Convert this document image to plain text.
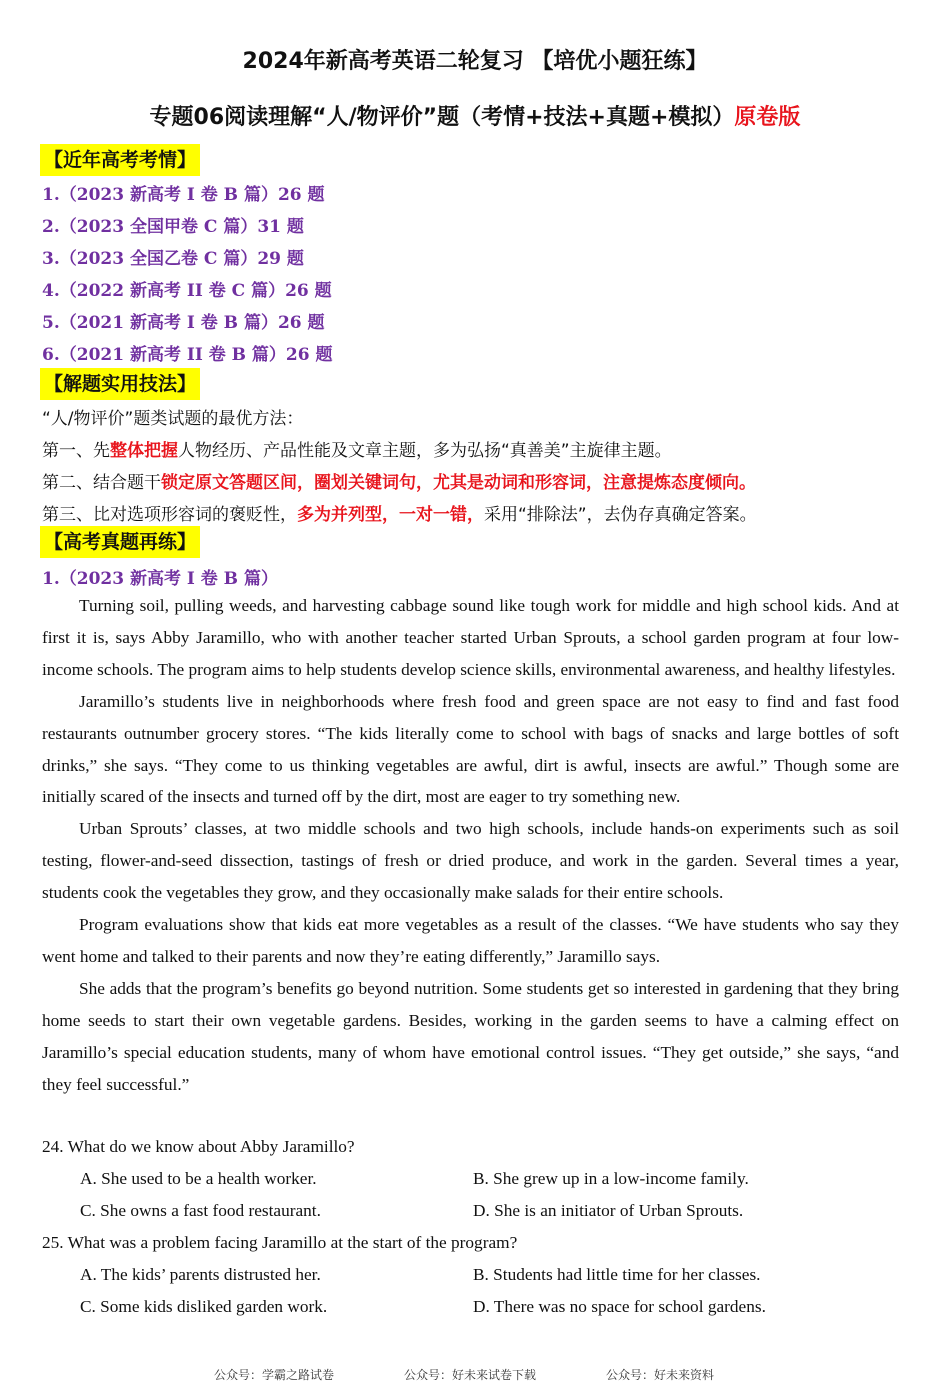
2024年新高考英语二轮复习 【培优小题狂练】
专题06阅读理解“人/物评价”题（考情+技法+真题+模拟）原卷版
【近年高考考情】
1.（2023 新高考 I 卷 B 篇）26 题
2.（2023 全国甲卷 C 篇）31 题
3.（2023 全国乙卷 C 篇）29 题
4.（2022 新高考 II 卷 C 篇）26 题
5.（2021 新高考 I 卷 B 篇）26 题
6.（2021 新高考 II 卷 B 篇）26 题
【解题实用技法】
“人/物评价”题类试题的最优方法：
第一、先整体把握人物经历、产品性能及文章主题，多为弘扬“真善美”主旋律主题。
第二、结合题干锁定原文答题区间，圈划关键词句，尤其是动词和形容词，注意提炼态度倾向。
第三、比对选项形容词的褒贬性，多为并列型，一对一错，采用“排除法”，去伪存真确定答案。
【高考真题再练】
1.（2023 新高考 I 卷 B 篇）

Turning soil, pulling weeds, and harvesting cabbage sound like tough work for middle and high school kids. And at first it is, says Abby Jaramillo, who with another teacher started Urban Sprouts, a school garden program at four low-income schools. The program aims to help students develop science skills, environmental awareness, and healthy lifestyles.

Jaramillo’s students live in neighborhoods where fresh food and green space are not easy to find and fast food restaurants outnumber grocery stores. “The kids literally come to school with bags of snacks and large bottles of soft drinks,” she says. “They come to us thinking vegetables are awful, dirt is awful, insects are awful.” Though some are initially scared of the insects and turned off by the dirt, most are eager to try something new.

Urban Sprouts’ classes, at two middle schools and two high schools, include hands-on experiments such as soil testing, flower-and-seed dissection, tastings of fresh or dried produce, and work in the garden. Several times a year, students cook the vegetables they grow, and they occasionally make salads for their entire schools.

Program evaluations show that kids eat more vegetables as a result of the classes. “We have students who say they went home and talked to their parents and now they’re eating differently,” Jaramillo says.

She adds that the program’s benefits go beyond nutrition. Some students get so interested in gardening that they bring home seeds to start their own vegetable gardens. Besides, working in the garden seems to have a calming effect on Jaramillo’s special education students, many of whom have emotional control issues. “They get outside,” she says, “and they feel successful.”

24. What do we know about Abby Jaramillo?
A. She used to be a health worker.	B. She grew up in a low-income family.
C. She owns a fast food restaurant.	D. She is an initiator of Urban Sprouts.
25. What was a problem facing Jaramillo at the start of the program?
A. The kids’ parents distrusted her.	B. Students had little time for her classes.
C. Some kids disliked garden work.	D. There was no space for school gardens.
公众号：学霸之路试卷	公众号：好未来试卷下载	公众号：好未来资料
